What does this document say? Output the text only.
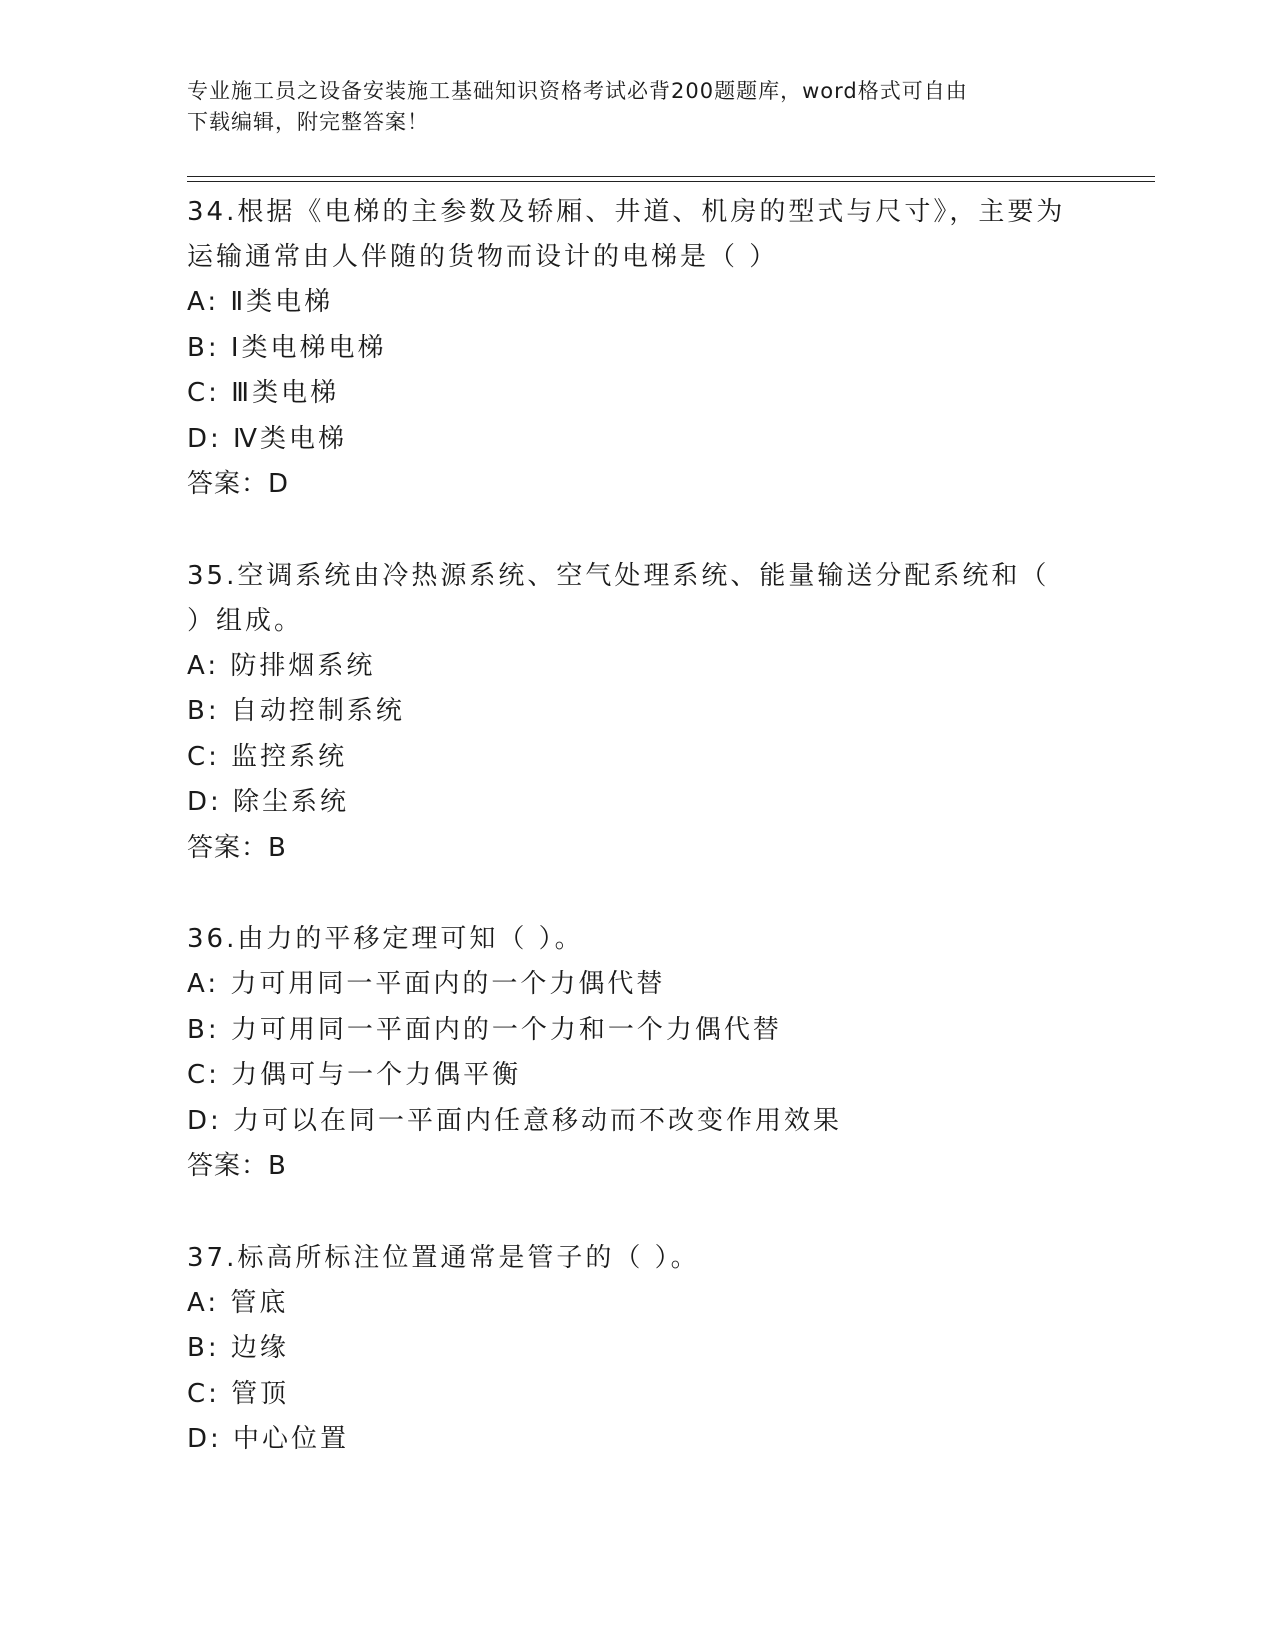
专业施工员之设备安装施工基础知识资格考试必背200题题库，word格式可自由
下载编辑，附完整答案！
34.根据《电梯的主参数及轿厢、井道、机房的型式与尺寸》，主要为
运输通常由人伴随的货物而设计的电梯是（ ）
A: Ⅱ类电梯
B: Ⅰ类电梯电梯
C: Ⅲ类电梯
D: Ⅳ类电梯
答案：D
35.空调系统由冷热源系统、空气处理系统、能量输送分配系统和（
）组成。
A: 防排烟系统
B: 自动控制系统
C: 监控系统
D: 除尘系统
答案：B
36.由力的平移定理可知（ ）。
A: 力可用同一平面内的一个力偶代替
B: 力可用同一平面内的一个力和一个力偶代替
C: 力偶可与一个力偶平衡
D: 力可以在同一平面内任意移动而不改变作用效果
答案：B
37.标高所标注位置通常是管子的（ ）。
A: 管底
B: 边缘
C: 管顶
D: 中心位置
